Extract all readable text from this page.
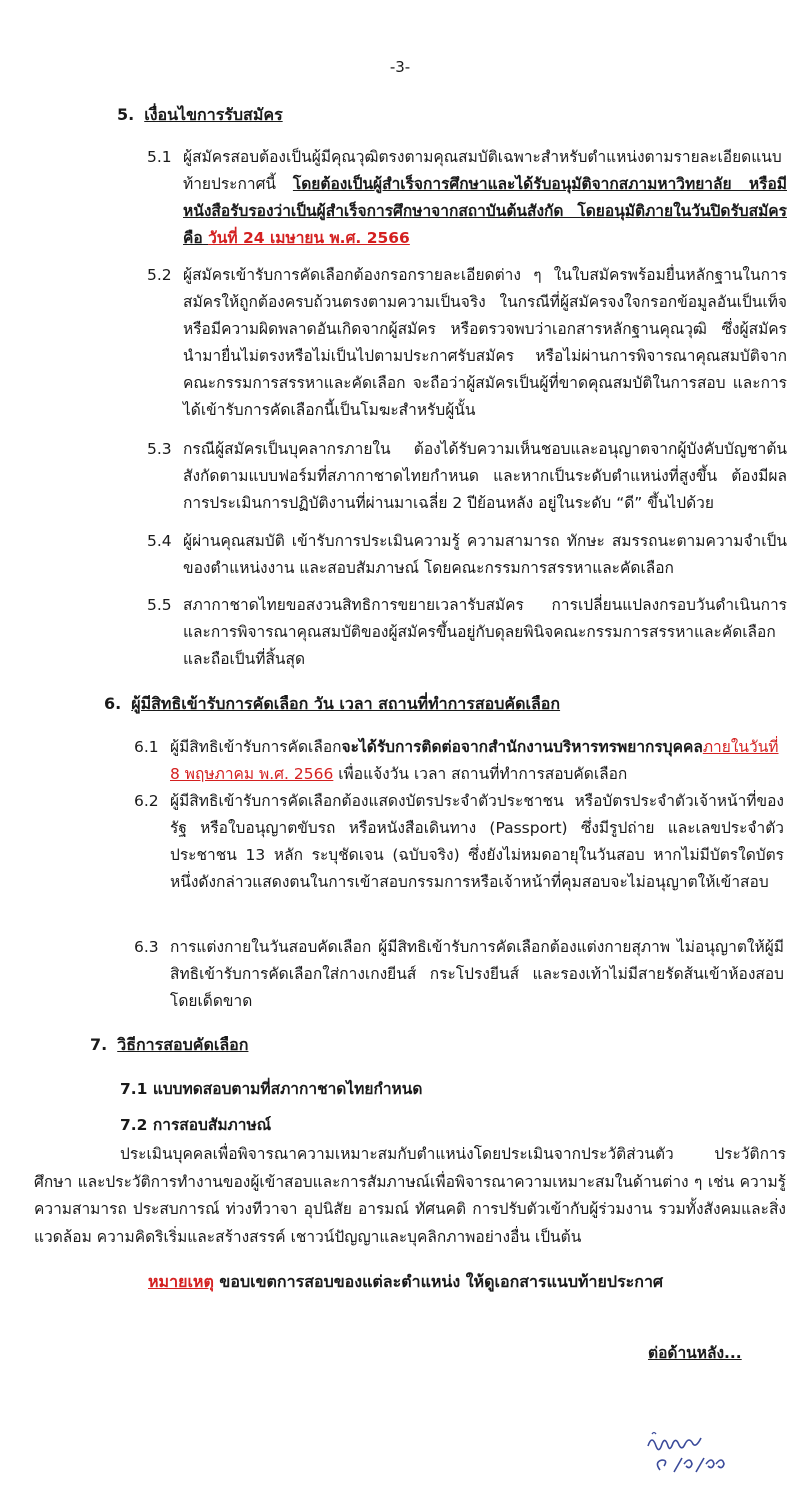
-3-
5. เงื่อนไขการรับสมัคร
5.1 ผู้สมัครสอบต้องเป็นผู้มีคุณวุฒิตรงตามคุณสมบัติเฉพาะสำหรับตำแหน่งตามรายละเอียดแนบท้ายประกาศนี้ โดยต้องเป็นผู้สำเร็จการศึกษาและได้รับอนุมัติจากสภามหาวิทยาลัย หรือมีหนังสือรับรองว่าเป็นผู้สำเร็จการศึกษาจากสถาบันต้นสังกัด โดยอนุมัติภายในวันปิดรับสมัคร คือ วันที่ 24 เมษายน พ.ศ. 2566
5.2 ผู้สมัครเข้ารับการคัดเลือกต้องกรอกรายละเอียดต่าง ๆ ในใบสมัครพร้อมยื่นหลักฐานในการสมัครให้ถูกต้องครบถ้วนตรงตามความเป็นจริง ในกรณีที่ผู้สมัครจงใจกรอกข้อมูลอันเป็นเท็จหรือมีความผิดพลาดอันเกิดจากผู้สมัคร หรือตรวจพบว่าเอกสารหลักฐานคุณวุฒิ ซึ่งผู้สมัครนำมายื่นไม่ตรงหรือไม่เป็นไปตามประกาศรับสมัคร หรือไม่ผ่านการพิจารณาคุณสมบัติจากคณะกรรมการสรรหาและคัดเลือก จะถือว่าผู้สมัครเป็นผู้ที่ขาดคุณสมบัติในการสอบ และการได้เข้ารับการคัดเลือกนี้เป็นโมฆะสำหรับผู้นั้น
5.3 กรณีผู้สมัครเป็นบุคลากรภายใน ต้องได้รับความเห็นชอบและอนุญาตจากผู้บังคับบัญชาต้นสังกัดตามแบบฟอร์มที่สภากาชาดไทยกำหนด และหากเป็นระดับตำแหน่งที่สูงขึ้น ต้องมีผลการประเมินการปฏิบัติงานที่ผ่านมาเฉลี่ย 2 ปีย้อนหลัง อยู่ในระดับ “ดี” ขึ้นไปด้วย
5.4 ผู้ผ่านคุณสมบัติ เข้ารับการประเมินความรู้ ความสามารถ ทักษะ สมรรถนะตามความจำเป็นของตำแหน่งงาน และสอบสัมภาษณ์ โดยคณะกรรมการสรรหาและคัดเลือก
5.5 สภากาชาดไทยขอสงวนสิทธิการขยายเวลารับสมัคร การเปลี่ยนแปลงกรอบวันดำเนินการและการพิจารณาคุณสมบัติของผู้สมัครขึ้นอยู่กับดุลยพินิจคณะกรรมการสรรหาและคัดเลือกและถือเป็นที่สิ้นสุด
6. ผู้มีสิทธิเข้ารับการคัดเลือก วัน เวลา สถานที่ทำการสอบคัดเลือก
6.1 ผู้มีสิทธิเข้ารับการคัดเลือกจะได้รับการติดต่อจากสำนักงานบริหารทรพยากรบุคคลภายในวันที่ 8 พฤษภาคม พ.ศ. 2566 เพื่อแจ้งวัน เวลา สถานที่ทำการสอบคัดเลือก
6.2 ผู้มีสิทธิเข้ารับการคัดเลือกต้องแสดงบัตรประจำตัวประชาชน หรือบัตรประจำตัวเจ้าหน้าที่ของรัฐ หรือใบอนุญาตขับรถ หรือหนังสือเดินทาง (Passport) ซึ่งมีรูปถ่าย และเลขประจำตัวประชาชน 13 หลัก ระบุชัดเจน (ฉบับจริง) ซึ่งยังไม่หมดอายุในวันสอบ หากไม่มีบัตรใดบัตรหนึ่งดังกล่าวแสดงตนในการเข้าสอบกรรมการหรือเจ้าหน้าที่คุมสอบจะไม่อนุญาตให้เข้าสอบ
6.3 การแต่งกายในวันสอบคัดเลือก ผู้มีสิทธิเข้ารับการคัดเลือกต้องแต่งกายสุภาพ ไม่อนุญาตให้ผู้มีสิทธิเข้ารับการคัดเลือกใส่กางเกงยีนส์ กระโปรงยีนส์ และรองเท้าไม่มีสายรัดส้นเข้าห้องสอบโดยเด็ดขาด
7. วิธีการสอบคัดเลือก
7.1 แบบทดสอบตามที่สภากาชาดไทยกำหนด
7.2 การสอบสัมภาษณ์
ประเมินบุคคลเพื่อพิจารณาความเหมาะสมกับตำแหน่งโดยประเมินจากประวัติส่วนตัว ประวัติการศึกษา และประวัติการทำงานของผู้เข้าสอบและการสัมภาษณ์เพื่อพิจารณาความเหมาะสมในด้านต่าง ๆ เช่น ความรู้ความสามารถ ประสบการณ์ ท่วงทีวาจา อุปนิสัย อารมณ์ ทัศนคติ การปรับตัวเข้ากับผู้ร่วมงาน รวมทั้งสังคมและสิ่งแวดล้อม ความคิดริเริ่มและสร้างสรรค์ เชาวน์ปัญญาและบุคลิกภาพอย่างอื่น เป็นต้น
หมายเหตุ ขอบเขตการสอบของแต่ละตำแหน่ง ให้ดูเอกสารแนบท้ายประกาศ
ต่อด้านหลัง...
